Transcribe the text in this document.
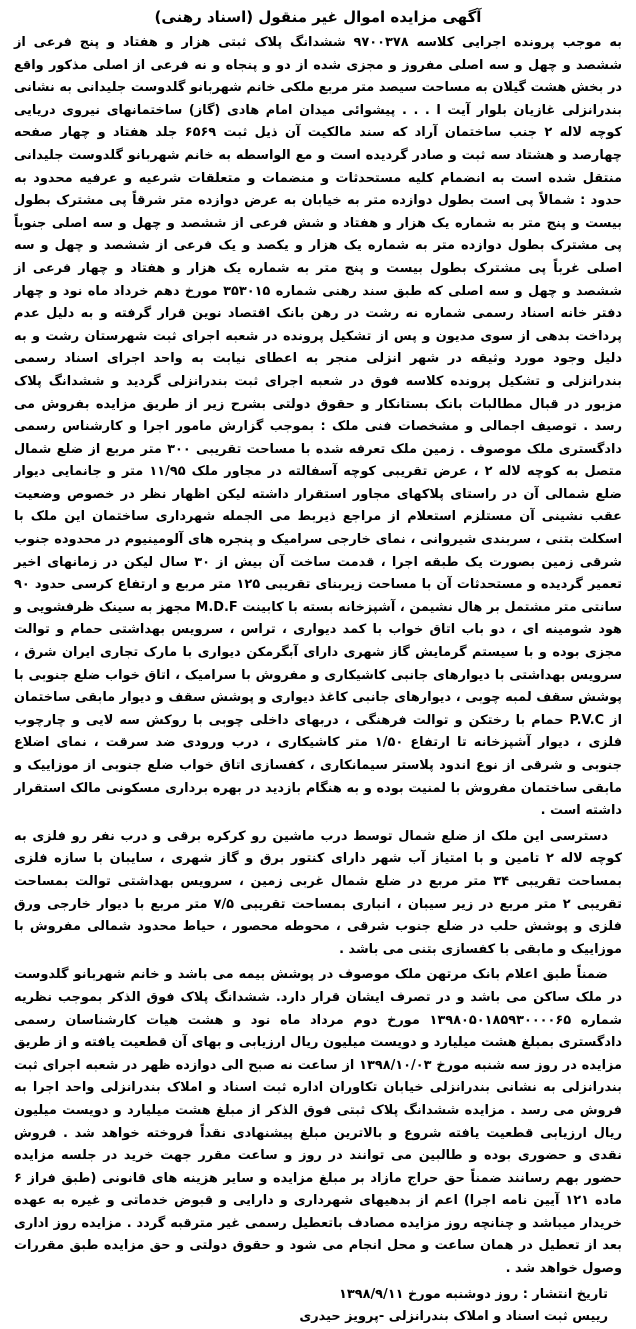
آگهی مزایده اموال غیر منقول (اسناد رهنی)

به موجب پرونده اجرایی کلاسه ۹۷۰۰۳۷۸ ششدانگ پلاک ثبتی هزار و هفتاد و پنج فرعی از ششصد و چهل و سه اصلی مفروز و مجزی شده از دو و پنجاه و نه فرعی از اصلی مذکور واقع در بخش هشت گیلان به مساحت سیصد متر مربع ملکی خانم شهربانو گلدوست جلیدانی به نشانی بندرانزلی غازیان بلوار آیت ا . . . پیشوائی میدان امام هادی (گاز) ساختمانهای نیروی دریایی کوچه لاله ۲ جنب ساختمان آراد که سند مالکیت آن ذیل ثبت ۶۵۶۹ جلد هفتاد و چهار صفحه چهارصد و هشتاد سه ثبت و صادر گردیده است و مع الواسطه به خانم شهربانو گلدوست جلیدانی منتقل شده است به انضمام کلیه مستحدثات و منضمات و متعلقات شرعیه و عرفیه محدود به حدود : شمالاً پی است بطول دوازده متر به خیابان به عرض دوازده متر شرقاً پی مشترک بطول بیست و پنج متر به شماره یک هزار و هفتاد و شش فرعی از ششصد و چهل و سه اصلی جنوباً پی مشترک بطول دوازده متر به شماره یک هزار و یکصد و یک فرعی از ششصد و چهل و سه اصلی غرباً پی مشترک بطول بیست و پنج متر به شماره یک هزار و هفتاد و چهار فرعی از ششصد و چهل و سه اصلی که طبق سند رهنی شماره ۳۵۳۰۱۵ مورخ دهم خرداد ماه نود و چهار دفتر خانه اسناد رسمی شماره نه رشت در رهن بانک اقتصاد نوین قرار گرفته و به دلیل عدم پرداخت بدهی از سوی مدیون و پس از تشکیل پرونده در شعبه اجرای ثبت شهرستان رشت و به دلیل وجود مورد وثیقه در شهر انزلی منجر به اعطای نیابت به واحد اجرای اسناد رسمی بندرانزلی و تشکیل پرونده کلاسه فوق در شعبه اجرای ثبت بندرانزلی گردید و ششدانگ پلاک مزبور در قبال مطالبات بانک بستانکار و حقوق دولتی بشرح زیر از طریق مزایده بفروش می رسد . توصیف اجمالی و مشخصات فنی ملک : بموجب گزارش مامور اجرا و کارشناس رسمی دادگستری ملک موصوف . زمین ملک تعرفه شده با مساحت تقریبی ۳۰۰ متر مربع از ضلع شمال متصل به کوچه لاله ۲ ، عرض تقریبی کوچه آسفالته در مجاور ملک ۱۱/۹۵ متر و جانمایی دیوار ضلع شمالی آن در راستای پلاکهای مجاور استقرار داشته لیکن اظهار نظر در خصوص وضعیت عقب نشینی آن مستلزم استعلام از مراجع ذیربط می الجمله شهرداری ساختمان این ملک با اسکلت بتنی ، سربندی شیروانی ، نمای خارجی سرامیک و پنجره های آلومینیوم در محدوده جنوب شرقی زمین بصورت یک طبقه اجرا ، قدمت ساخت آن بیش از ۳۰ سال لیکن در زمانهای اخیر تعمیر گردیده و مستحدثات آن با مساحت زیربنای تقریبی ۱۲۵ متر مربع و ارتفاع کرسی حدود ۹۰ سانتی متر مشتمل بر هال نشیمن ، آشپزخانه بسته با کابینت M.D.F مجهز به سینک ظرفشویی و هود شومینه ای ، دو باب اتاق خواب با کمد دیواری ، تراس ، سرویس بهداشتی حمام و توالت مجزی بوده و با سیستم گرمایش گاز شهری دارای آبگرمکن دیواری با مارک تجاری ایران شرق ، سرویس بهداشتی با دیوارهای جانبی کاشیکاری و مفروش با سرامیک ، اتاق خواب ضلع جنوبی با پوشش سقف لمبه چوبی ، دیوارهای جانبی کاغذ دیواری و پوشش سقف و دیوار مابقی ساختمان از P.V.C حمام با رختکن و توالت فرهنگی ، دربهای داخلی چوبی با روکش سه لایی و چارچوب فلزی ، دیوار آشپزخانه تا ارتفاع ۱/۵۰ متر کاشیکاری ، درب ورودی ضد سرقت ، نمای اضلاع جنوبی و شرقی از نوع اندود پلاستر سیمانکاری ، کفسازی اتاق خواب ضلع جنوبی از موزاییک و مابقی ساختمان مفروش با لمنیت بوده و به هنگام بازدید در بهره برداری مسکونی مالک استقرار داشته است .

دسترسی این ملک از ضلع شمال توسط درب ماشین رو کرکره برقی و درب نفر رو فلزی به کوچه لاله ۲ تامین و با امتیاز آب شهر دارای کنتور برق و گاز شهری ، سایبان با سازه فلزی بمساحت تقریبی ۳۴ متر مربع در ضلع شمال غربی زمین ، سرویس بهداشتی توالت بمساحت تقریبی ۲ متر مربع در زیر سیبان ، انباری بمساحت تقریبی ۷/۵ متر مربع با دیوار خارجی ورق فلزی و پوشش حلب در ضلع جنوب شرقی ، محوطه محصور ، حیاط محدود شمالی مفروش با موزاییک و مابقی با کفسازی بتنی می باشد .

ضمناً طبق اعلام بانک مرتهن ملک موصوف در پوشش بیمه می باشد و خانم شهربانو گلدوست در ملک ساکن می باشد و در تصرف ایشان قرار دارد. ششدانگ پلاک فوق الذکر بموجب نظریه شماره ۱۳۹۸۰۵۰۱۸۵۹۳۰۰۰۰۶۵ مورخ دوم مرداد ماه نود و هشت هیات کارشناسان رسمی دادگستری بمبلغ هشت میلیارد و دویست میلیون ریال ارزیابی و بهای آن قطعیت یافته و از طریق مزایده در روز سه شنبه مورخ ۱۳۹۸/۱۰/۰۳ از ساعت نه صبح الی دوازده ظهر در شعبه اجرای ثبت بندرانزلی به نشانی بندرانزلی خیابان تکاوران اداره ثبت اسناد و املاک بندرانزلی واحد اجرا به فروش می رسد . مزایده ششدانگ پلاک ثبتی فوق الذکر از مبلغ هشت میلیارد و دویست میلیون ریال ارزیابی قطعیت یافته شروع و بالاترین مبلغ پیشنهادی نقداً فروخته خواهد شد . فروش نقدی و حضوری بوده و طالبین می توانند در روز و ساعت مقرر جهت خرید در جلسه مزایده حضور بهم رسانند ضمناً حق حراج مازاد بر مبلغ مزایده و سایر هزینه های قانونی (طبق فراز ۶ ماده ۱۲۱ آیین نامه اجرا) اعم از بدهیهای شهرداری و دارایی و قبوض خدماتی و غیره به عهده خریدار میباشد و چنانچه روز مزایده مصادف باتعطیل رسمی غیر مترقبه گردد . مزایده روز اداری بعد از تعطیل در همان ساعت و محل انجام می شود و حقوق دولتی و حق مزایده طبق مقررات وصول خواهد شد .

تاریخ انتشار : روز دوشنبه مورخ ۱۳۹۸/۹/۱۱
رییس ثبت اسناد و املاک بندرانزلی -پرویز حیدری
